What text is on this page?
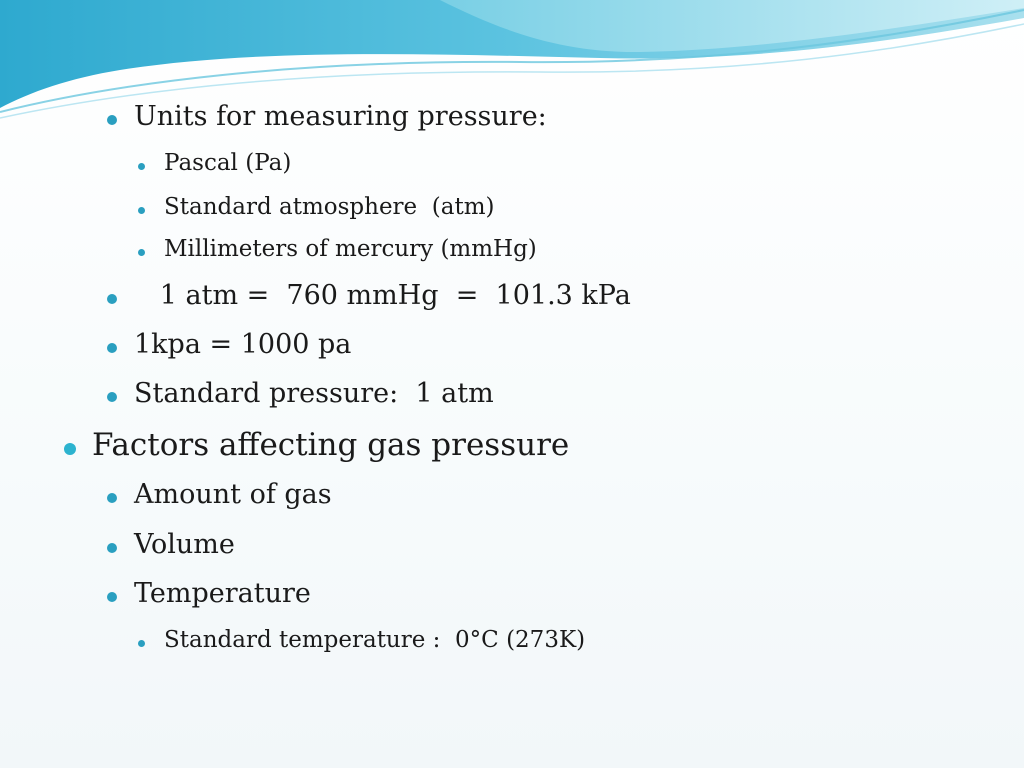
Units for measuring pressure:
Pascal (Pa)
Standard atmosphere  (atm)
Millimeters of mercury (mmHg)
1 atm =  760 mmHg  =  101.3 kPa
1kpa = 1000 pa
Standard pressure:  1 atm
Factors affecting gas pressure
Amount of gas
Volume
Temperature
Standard temperature :  0°C (273K)
